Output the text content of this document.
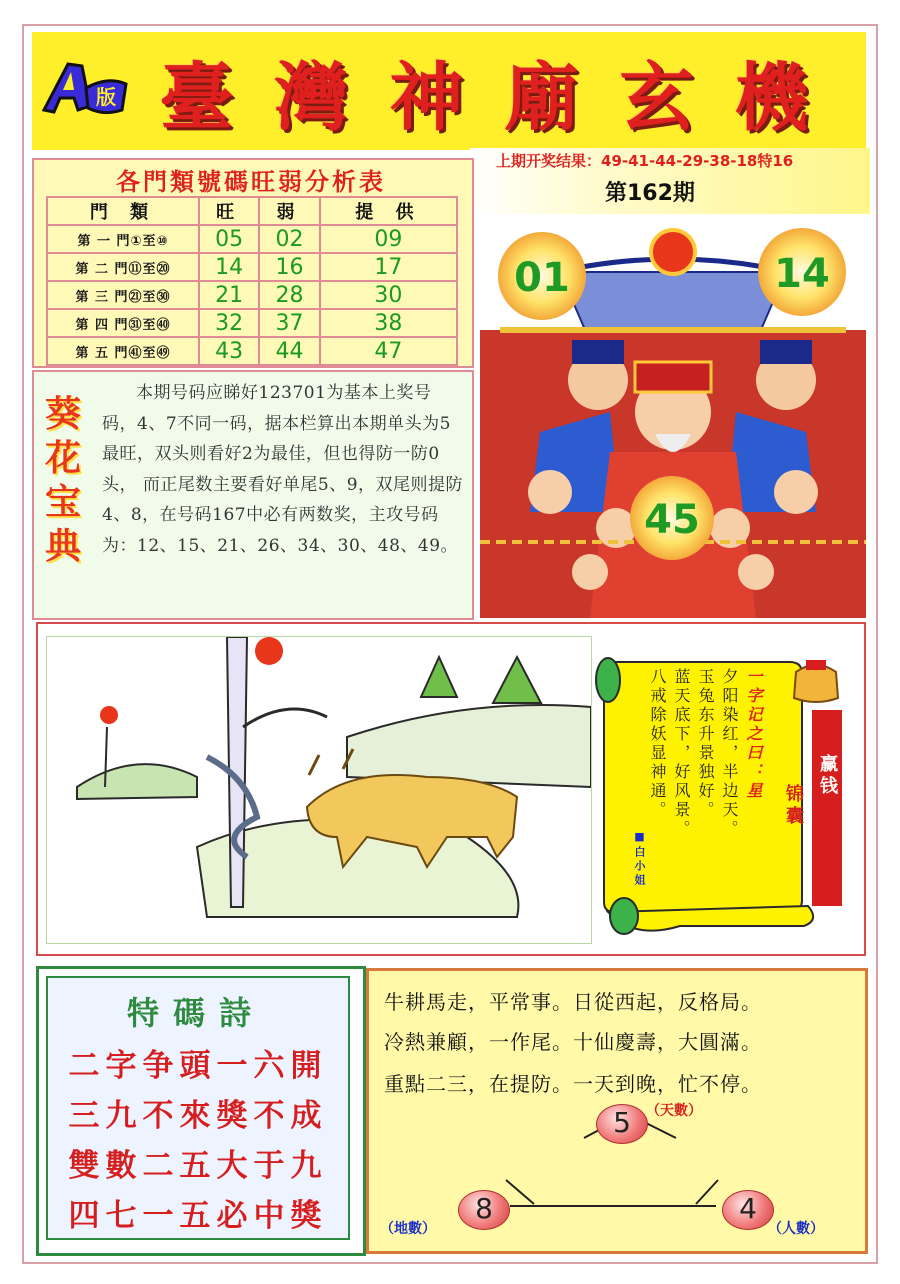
版 臺 灣 神 廟 玄 機
上期开奖结果：49-41-44-29-38-18特16
第162期
各門類號碼旺弱分析表
門 類	旺	弱	提 供
第 一 門①至⑩	05	02	09
第 二 門⑪至⑳	14	16	17
第 三 門㉑至㉚	21	28	30
第 四 門㉛至㊵	32	37	38
第 五 門㊶至㊾	43	44	47
葵花宝典
本期号码应睇好123701为基本上奖号码，4、7不同一码，据本栏算出本期单头为5最旺，双头则看好2为最佳，但也得防一防0头， 而正尾数主要看好单尾5、9，双尾则提防4、8，在号码167中必有两数奖，主攻号码为：12、15、21、26、34、30、48、49。
01	14
45
一字记之曰：星
夕阳染红，半边天。
玉兔东升景独好。
蓝天底下，好风景。
八戒除妖显神通。
■白小姐
赢钱
锦囊
特碼詩
二字争頭一六開
三九不來獎不成
雙數二五大于九
四七一五必中獎
牛耕馬走，平常事。日從西起，反格局。
冷熱兼顧，一作尾。十仙慶壽，大圓滿。
重點二三，在提防。一天到晚，忙不停。
5	（天數）
8
（地數）
4
（人數）
